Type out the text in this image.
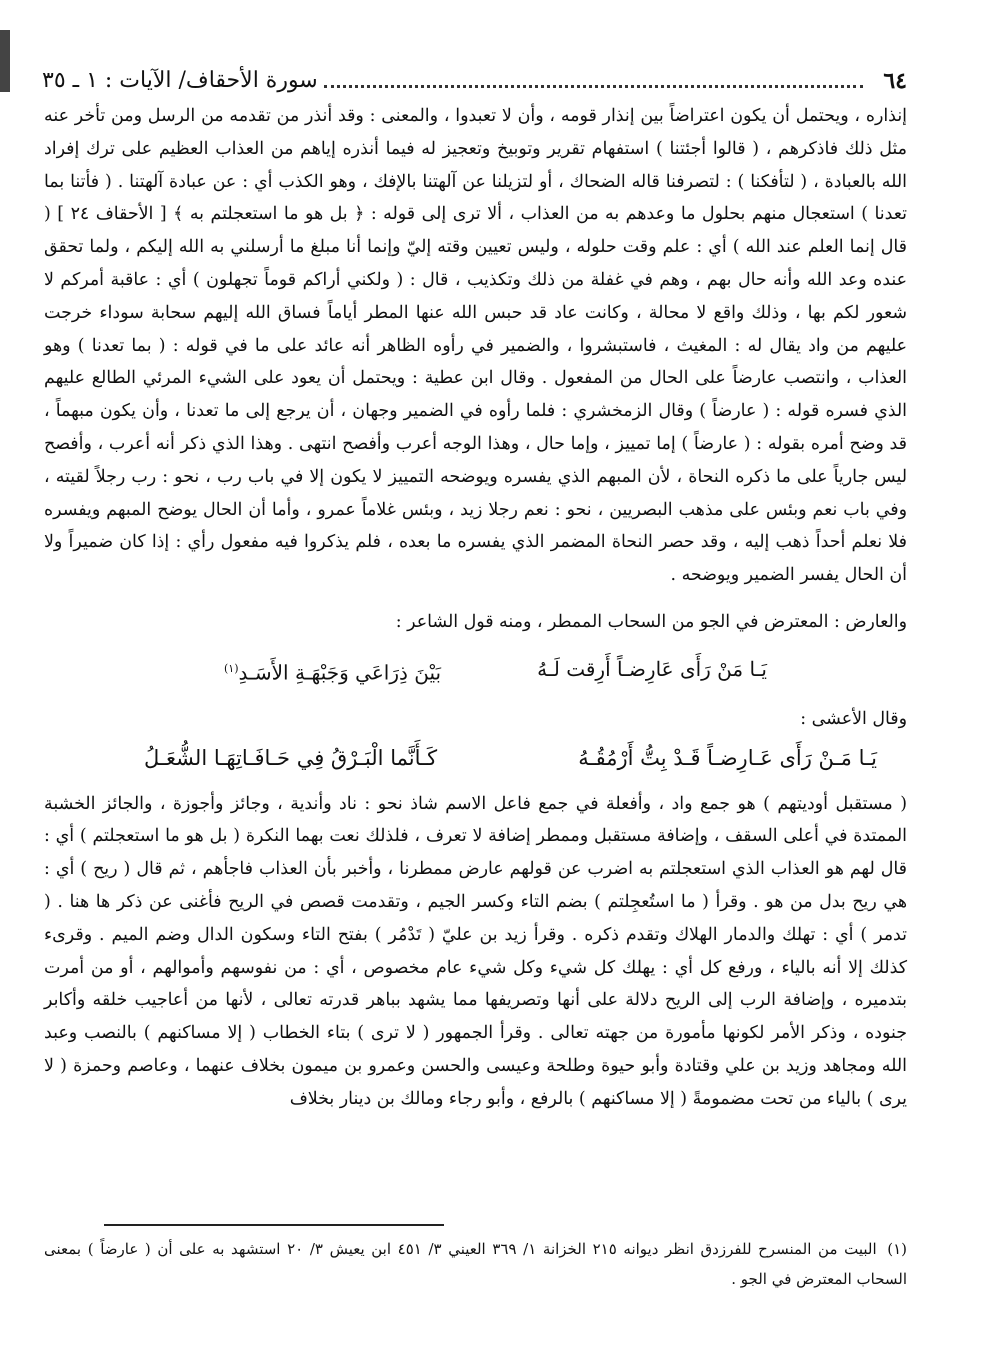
٦٤
سورة الأحقاف/ الآيات : ١ ـ ٣٥

إنذاره ، ويحتمل أن يكون اعتراضاً بين إنذار قومه ، وأن لا تعبدوا ، والمعنى : وقد أنذر من تقدمه من الرسل ومن تأخر عنه مثل ذلك فاذكرهم ، ( قالوا أجئتنا ) استفهام تقرير وتوبيخ وتعجيز له فيما أنذره إياهم من العذاب العظيم على ترك إفراد الله بالعبادة ، ( لتأفكنا ) : لتصرفنا قاله الضحاك ، أو لتزيلنا عن آلهتنا بالإفك ، وهو الكذب أي : عن عبادة آلهتنا . ( فأتنا بما تعدنا ) استعجال منهم بحلول ما وعدهم به من العذاب ، ألا ترى إلى قوله : ﴿ بل هو ما استعجلتم به ﴾ [ الأحقاف ٢٤ ] ( قال إنما العلم عند الله ) أي : علم وقت حلوله ، وليس تعيين وقته إليّ وإنما أنا مبلغ ما أرسلني به الله إليكم ، ولما تحقق عنده وعد الله وأنه حال بهم ، وهم في غفلة من ذلك وتكذيب ، قال : ( ولكني أراكم قوماً تجهلون ) أي : عاقبة أمركم لا شعور لكم بها ، وذلك واقع لا محالة ، وكانت عاد قد حبس الله عنها المطر أياماً فساق الله إليهم سحابة سوداء خرجت عليهم من واد يقال له : المغيث ، فاستبشروا ، والضمير في رأوه الظاهر أنه عائد على ما في قوله : ( بما تعدنا ) وهو العذاب ، وانتصب عارضاً على الحال من المفعول . وقال ابن عطية : ويحتمل أن يعود على الشيء المرئي الطالع عليهم الذي فسره قوله : ( عارضاً ) وقال الزمخشري : فلما رأوه في الضمير وجهان ، أن يرجع إلى ما تعدنا ، وأن يكون مبهماً ، قد وضح أمره بقوله : ( عارضاً ) إما تمييز ، وإما حال ، وهذا الوجه أعرب وأفصح انتهى . وهذا الذي ذكر أنه أعرب ، وأفصح ليس جارياً على ما ذكره النحاة ، لأن المبهم الذي يفسره ويوضحه التمييز لا يكون إلا في باب رب ، نحو : رب رجلاً لقيته ، وفي باب نعم وبئس على مذهب البصريين ، نحو : نعم رجلا زيد ، وبئس غلاماً عمرو ، وأما أن الحال يوضح المبهم ويفسره فلا نعلم أحداً ذهب إليه ، وقد حصر النحاة المضمر الذي يفسره ما بعده ، فلم يذكروا فيه مفعول رأي : إذا كان ضميراً ولا أن الحال يفسر الضمير ويوضحه .

والعارض : المعترض في الجو من السحاب الممطر ، ومنه قول الشاعر :

يَـا مَنْ رَأَى عَارِضـاً أَرِقت لَـهُ
بَيْنَ ذِرَاعَي وَجَبْهَـةِ الأَسَـدِ$^{(١)}$

وقال الأعشى :

يَـا مَـنْ رَأَى عَـارِضـاً قَـدْ بِتُّ أَرْمُقُـهُ
كَـأَنَّما الْبَـرْقُ فِي حَـافَـاتِهَـا الشُّعَـلُ

( مستقبل أوديتهم ) هو جمع واد ، وأفعلة في جمع فاعل الاسم شاذ نحو : ناد وأندية ، وجائز وأجوزة ، والجائز الخشبة الممتدة في أعلى السقف ، وإضافة مستقبل وممطر إضافة لا تعرف ، فلذلك نعت بهما النكرة ( بل هو ما استعجلتم ) أي : قال لهم هو العذاب الذي استعجلتم به اضرب عن قولهم عارض ممطرنا ، وأخبر بأن العذاب فاجأهم ، ثم قال ( ريح ) أي : هي ريح بدل من هو . وقرأ ( ما استُعجِلتم ) بضم التاء وكسر الجيم ، وتقدمت قصص في الريح فأغنى عن ذكر ها هنا . ( تدمر ) أي : تهلك والدمار الهلاك وتقدم ذكره . وقرأ زيد بن عليّ ( تَدْمُر ) بفتح التاء وسكون الدال وضم الميم . وقرىء كذلك إلا أنه بالياء ، ورفع كل أي : يهلك كل شيء وكل شيء عام مخصوص ، أي : من نفوسهم وأموالهم ، أو من أمرت بتدميره ، وإضافة الرب إلى الريح دلالة على أنها وتصريفها مما يشهد بباهر قدرته تعالى ، لأنها من أعاجيب خلقه وأكابر جنوده ، وذكر الأمر لكونها مأمورة من جهته تعالى . وقرأ الجمهور ( لا ترى ) بتاء الخطاب ( إلا مساكنهم ) بالنصب وعبد الله ومجاهد وزيد بن علي وقتادة وأبو حيوة وطلحة وعيسى والحسن وعمرو بن ميمون بخلاف عنهما ، وعاصم وحمزة ( لا يرى ) بالياء من تحت مضمومةً ( إلا مساكنهم ) بالرفع ، وأبو رجاء ومالك بن دينار بخلاف

(١) البيت من المنسرح للفرزدق انظر ديوانه ٢١٥ الخزانة ١/ ٣٦٩ العيني ٣/ ٤٥١ ابن يعيش ٣/ ٢٠ استشهد به على أن ( عارضاً ) بمعنى السحاب المعترض في الجو .
